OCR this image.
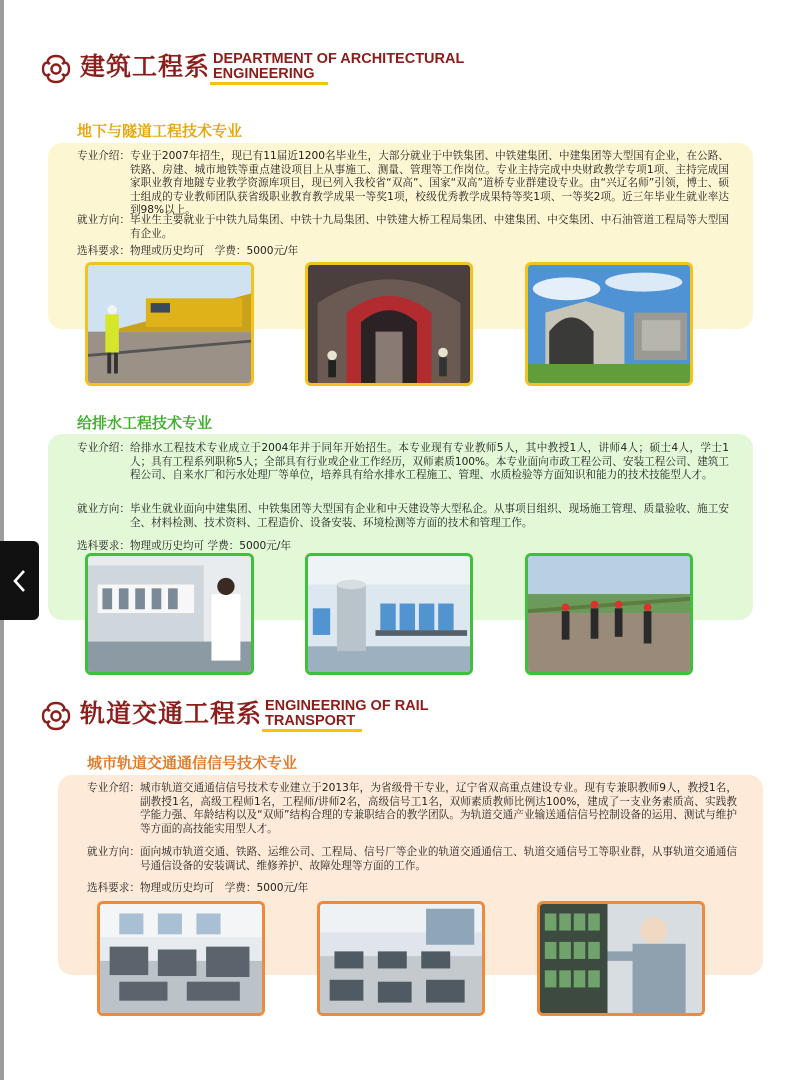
建筑工程系 DEPARTMENT OF ARCHITECTURAL
ENGINEERING
地下与隧道工程技术专业
专业介绍： 专业于2007年招生，现已有11届近1200名毕业生，大部分就业于中铁集团、中铁建集团、中建集团等大型国有企业，在公路、铁路、房建、城市地铁等重点建设项目上从事施工、测量、管理等工作岗位。专业主持完成中央财政教学专项1项、主持完成国家职业教育地隧专业教学资源库项目，现已列入我校省“双高”、国家“双高”道桥专业群建设专业。由“兴辽名师”引领，博士、硕士组成的专业教师团队获省级职业教育教学成果一等奖1项，校级优秀教学成果特等奖1项、一等奖2项。近三年毕业生就业率达到98%以上。
就业方向： 毕业生主要就业于中铁九局集团、中铁十九局集团、中铁建大桥工程局集团、中建集团、中交集团、中石油管道工程局等大型国有企业。
选科要求：物理或历史均可　学费：5000元/年
给排水工程技术专业
专业介绍： 给排水工程技术专业成立于2004年并于同年开始招生。本专业现有专业教师5人，其中教授1人，讲师4人；硕士4人，学士1人；具有工程系列职称5人；全部具有行业或企业工作经历，双师素质100%。本专业面向市政工程公司、安装工程公司、建筑工程公司、自来水厂和污水处理厂等单位，培养具有给水排水工程施工、管理、水质检验等方面知识和能力的技术技能型人才。
就业方向： 毕业生就业面向中建集团、中铁集团等大型国有企业和中天建设等大型私企。从事项目组织、现场施工管理、质量验收、施工安全、材料检测、技术资料、工程造价、设备安装、环境检测等方面的技术和管理工作。
选科要求：物理或历史均可 学费：5000元/年
轨道交通工程系 ENGINEERING OF RAIL
TRANSPORT
城市轨道交通通信信号技术专业
专业介绍： 城市轨道交通通信信号技术专业建立于2013年，为省级骨干专业，辽宁省双高重点建设专业。现有专兼职教师9人，教授1名，副教授1名，高级工程师1名，工程师/讲师2名，高级信号工1名，双师素质教师比例达100%，建成了一支业务素质高、实践教学能力强、年龄结构以及“双师”结构合理的专兼职结合的教学团队。为轨道交通产业输送通信信号控制设备的运用、测试与维护等方面的高技能实用型人才。
就业方向： 面向城市轨道交通、铁路、运维公司、工程局、信号厂等企业的轨道交通通信工、轨道交通信号工等职业群，从事轨道交通通信号通信设备的安装调试、维修养护、故障处理等方面的工作。
选科要求：物理或历史均可　学费：5000元/年
